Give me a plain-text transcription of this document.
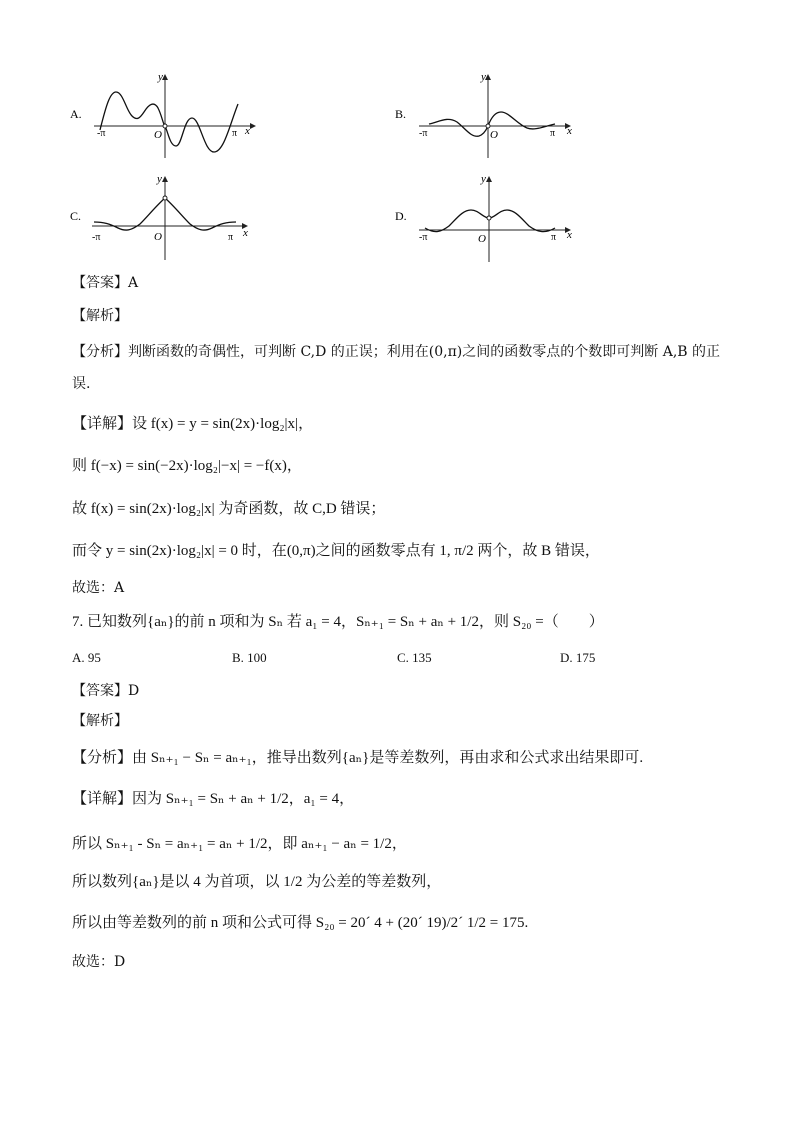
A.
y
x
O
-π	π
B.
y
x
O
-π	π
C.
y
x
O
-π	π
D.
y
x
O
-π	π
【答案】A
【解析】
【分析】判断函数的奇偶性，可判断 C,D 的正误；利用在(0,π)之间的函数零点的个数即可判断 A,B 的正
误.
【详解】设 f(x) = y = sin(2x)·log₂|x|，
则 f(−x) = sin(−2x)·log₂|−x| = −f(x)，
故 f(x) = sin(2x)·log₂|x| 为奇函数，故 C,D 错误；
而令 y = sin(2x)·log₂|x| = 0 时，在(0,π)之间的函数零点有 1, π/2 两个，故 B 错误，
故选：A
7. 已知数列{aₙ}的前 n 项和为 Sₙ 若 a₁ = 4，Sₙ₊₁ = Sₙ + aₙ + 1/2，则 S₂₀ =（　　）
A. 95	B. 100	C. 135	D. 175
【答案】D
【解析】
【分析】由 Sₙ₊₁ − Sₙ = aₙ₊₁，推导出数列{aₙ}是等差数列，再由求和公式求出结果即可.
【详解】因为 Sₙ₊₁ = Sₙ + aₙ + 1/2，a₁ = 4，
所以 Sₙ₊₁ - Sₙ = aₙ₊₁ = aₙ + 1/2，即 aₙ₊₁ − aₙ = 1/2，
所以数列{aₙ}是以 4 为首项，以 1/2 为公差的等差数列，
所以由等差数列的前 n 项和公式可得 S₂₀ = 20´ 4 + (20´ 19)/2´ 1/2 = 175.
故选：D
